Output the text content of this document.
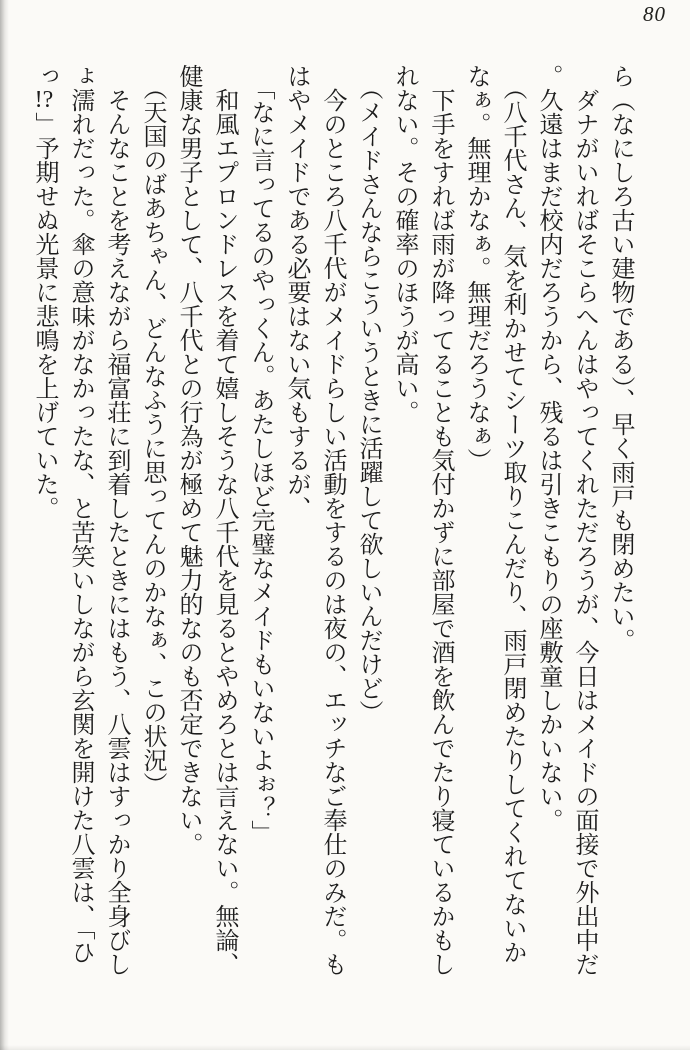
80

ら（なにしろ古い建物である）、早く雨戸も閉めたい。

ダナがいればそこらへんはやってくれただろうが、今日はメイドの面接で外出中だ。久遠はまだ校内だろうから、残るは引きこもりの座敷童しかいない。

（八千代さん、気を利かせてシーツ取りこんだり、雨戸閉めたりしてくれてないかなぁ。無理かなぁ。無理だろうなぁ）

下手をすれば雨が降ってることも気付かずに部屋で酒を飲んでたり寝ているかもしれない。その確率のほうが高い。

（メイドさんならこういうときに活躍して欲しいんだけど）

今のところ八千代がメイドらしい活動をするのは夜の、エッチなご奉仕のみだ。もはやメイドである必要はない気もするが、

「なに言ってるのやっくん。あたしほど完璧なメイドもいないよぉ？」

和風エプロンドレスを着て嬉しそうな八千代を見るとやめろとは言えない。無論、健康な男子として、八千代との行為が極めて魅力的なのも否定できない。

（天国のばあちゃん、どんなふうに思ってんのかなぁ、この状況）

そんなことを考えながら福富荘に到着したときにはもう、八雲はすっかり全身びしょ濡れだった。傘の意味がなかったな、と苦笑いしながら玄関を開けた八雲は、「ひっ!?」予期せぬ光景に悲鳴を上げていた。
